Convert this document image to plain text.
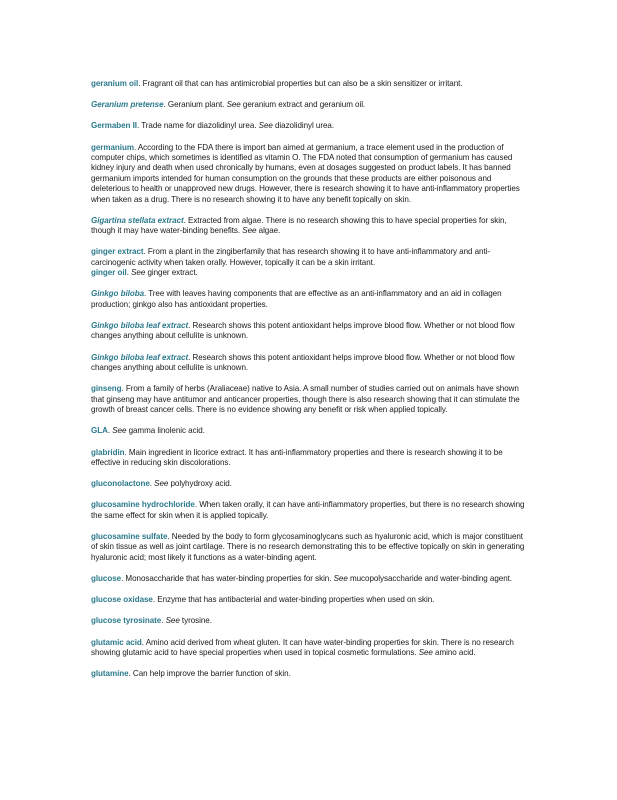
geranium oil. Fragrant oil that can has antimicrobial properties but can also be a skin sensitizer or irritant.

Geranium pretense. Geranium plant. See geranium extract and geranium oil.

Germaben II. Trade name for diazolidinyl urea. See diazolidinyl urea.

germanium. According to the FDA there is import ban aimed at germanium, a trace element used in the production of computer chips, which sometimes is identified as vitamin O. The FDA noted that consumption of germanium has caused kidney injury and death when used chronically by humans, even at dosages suggested on product labels. It has banned germanium imports intended for human consumption on the grounds that these products are either poisonous and deleterious to health or unapproved new drugs. However, there is research showing it to have anti-inflammatory properties when taken as a drug. There is no research showing it to have any benefit topically on skin.

Gigartina stellata extract. Extracted from algae. There is no research showing this to have special properties for skin, though it may have water-binding benefits. See algae.

ginger extract. From a plant in the zingiberfamily that has research showing it to have anti-inflammatory and anti-carcinogenic activity when taken orally. However, topically it can be a skin irritant.

ginger oil. See ginger extract.

Ginkgo biloba. Tree with leaves having components that are effective as an anti-inflammatory and an aid in collagen production; ginkgo also has antioxidant properties.

Ginkgo biloba leaf extract. Research shows this potent antioxidant helps improve blood flow. Whether or not blood flow changes anything about cellulite is unknown.

Ginkgo biloba leaf extract. Research shows this potent antioxidant helps improve blood flow. Whether or not blood flow changes anything about cellulite is unknown.

ginseng. From a family of herbs (Araliaceae) native to Asia. A small number of studies carried out on animals have shown that ginseng may have antitumor and anticancer properties, though there is also research showing that it can stimulate the growth of breast cancer cells. There is no evidence showing any benefit or risk when applied topically.

GLA. See gamma linolenic acid.

glabridin. Main ingredient in licorice extract. It has anti-inflammatory properties and there is research showing it to be effective in reducing skin discolorations.

gluconolactone. See polyhydroxy acid.

glucosamine hydrochloride. When taken orally, it can have anti-inflammatory properties, but there is no research showing the same effect for skin when it is applied topically.

glucosamine sulfate. Needed by the body to form glycosaminoglycans such as hyaluronic acid, which is major constituent of skin tissue as well as joint cartilage. There is no research demonstrating this to be effective topically on skin in generating hyaluronic acid; most likely it functions as a water-binding agent.

glucose. Monosaccharide that has water-binding properties for skin. See mucopolysaccharide and water-binding agent.

glucose oxidase. Enzyme that has antibacterial and water-binding properties when used on skin.

glucose tyrosinate. See tyrosine.

glutamic acid. Amino acid derived from wheat gluten. It can have water-binding properties for skin. There is no research showing glutamic acid to have special properties when used in topical cosmetic formulations. See amino acid.

glutamine. Can help improve the barrier function of skin.
